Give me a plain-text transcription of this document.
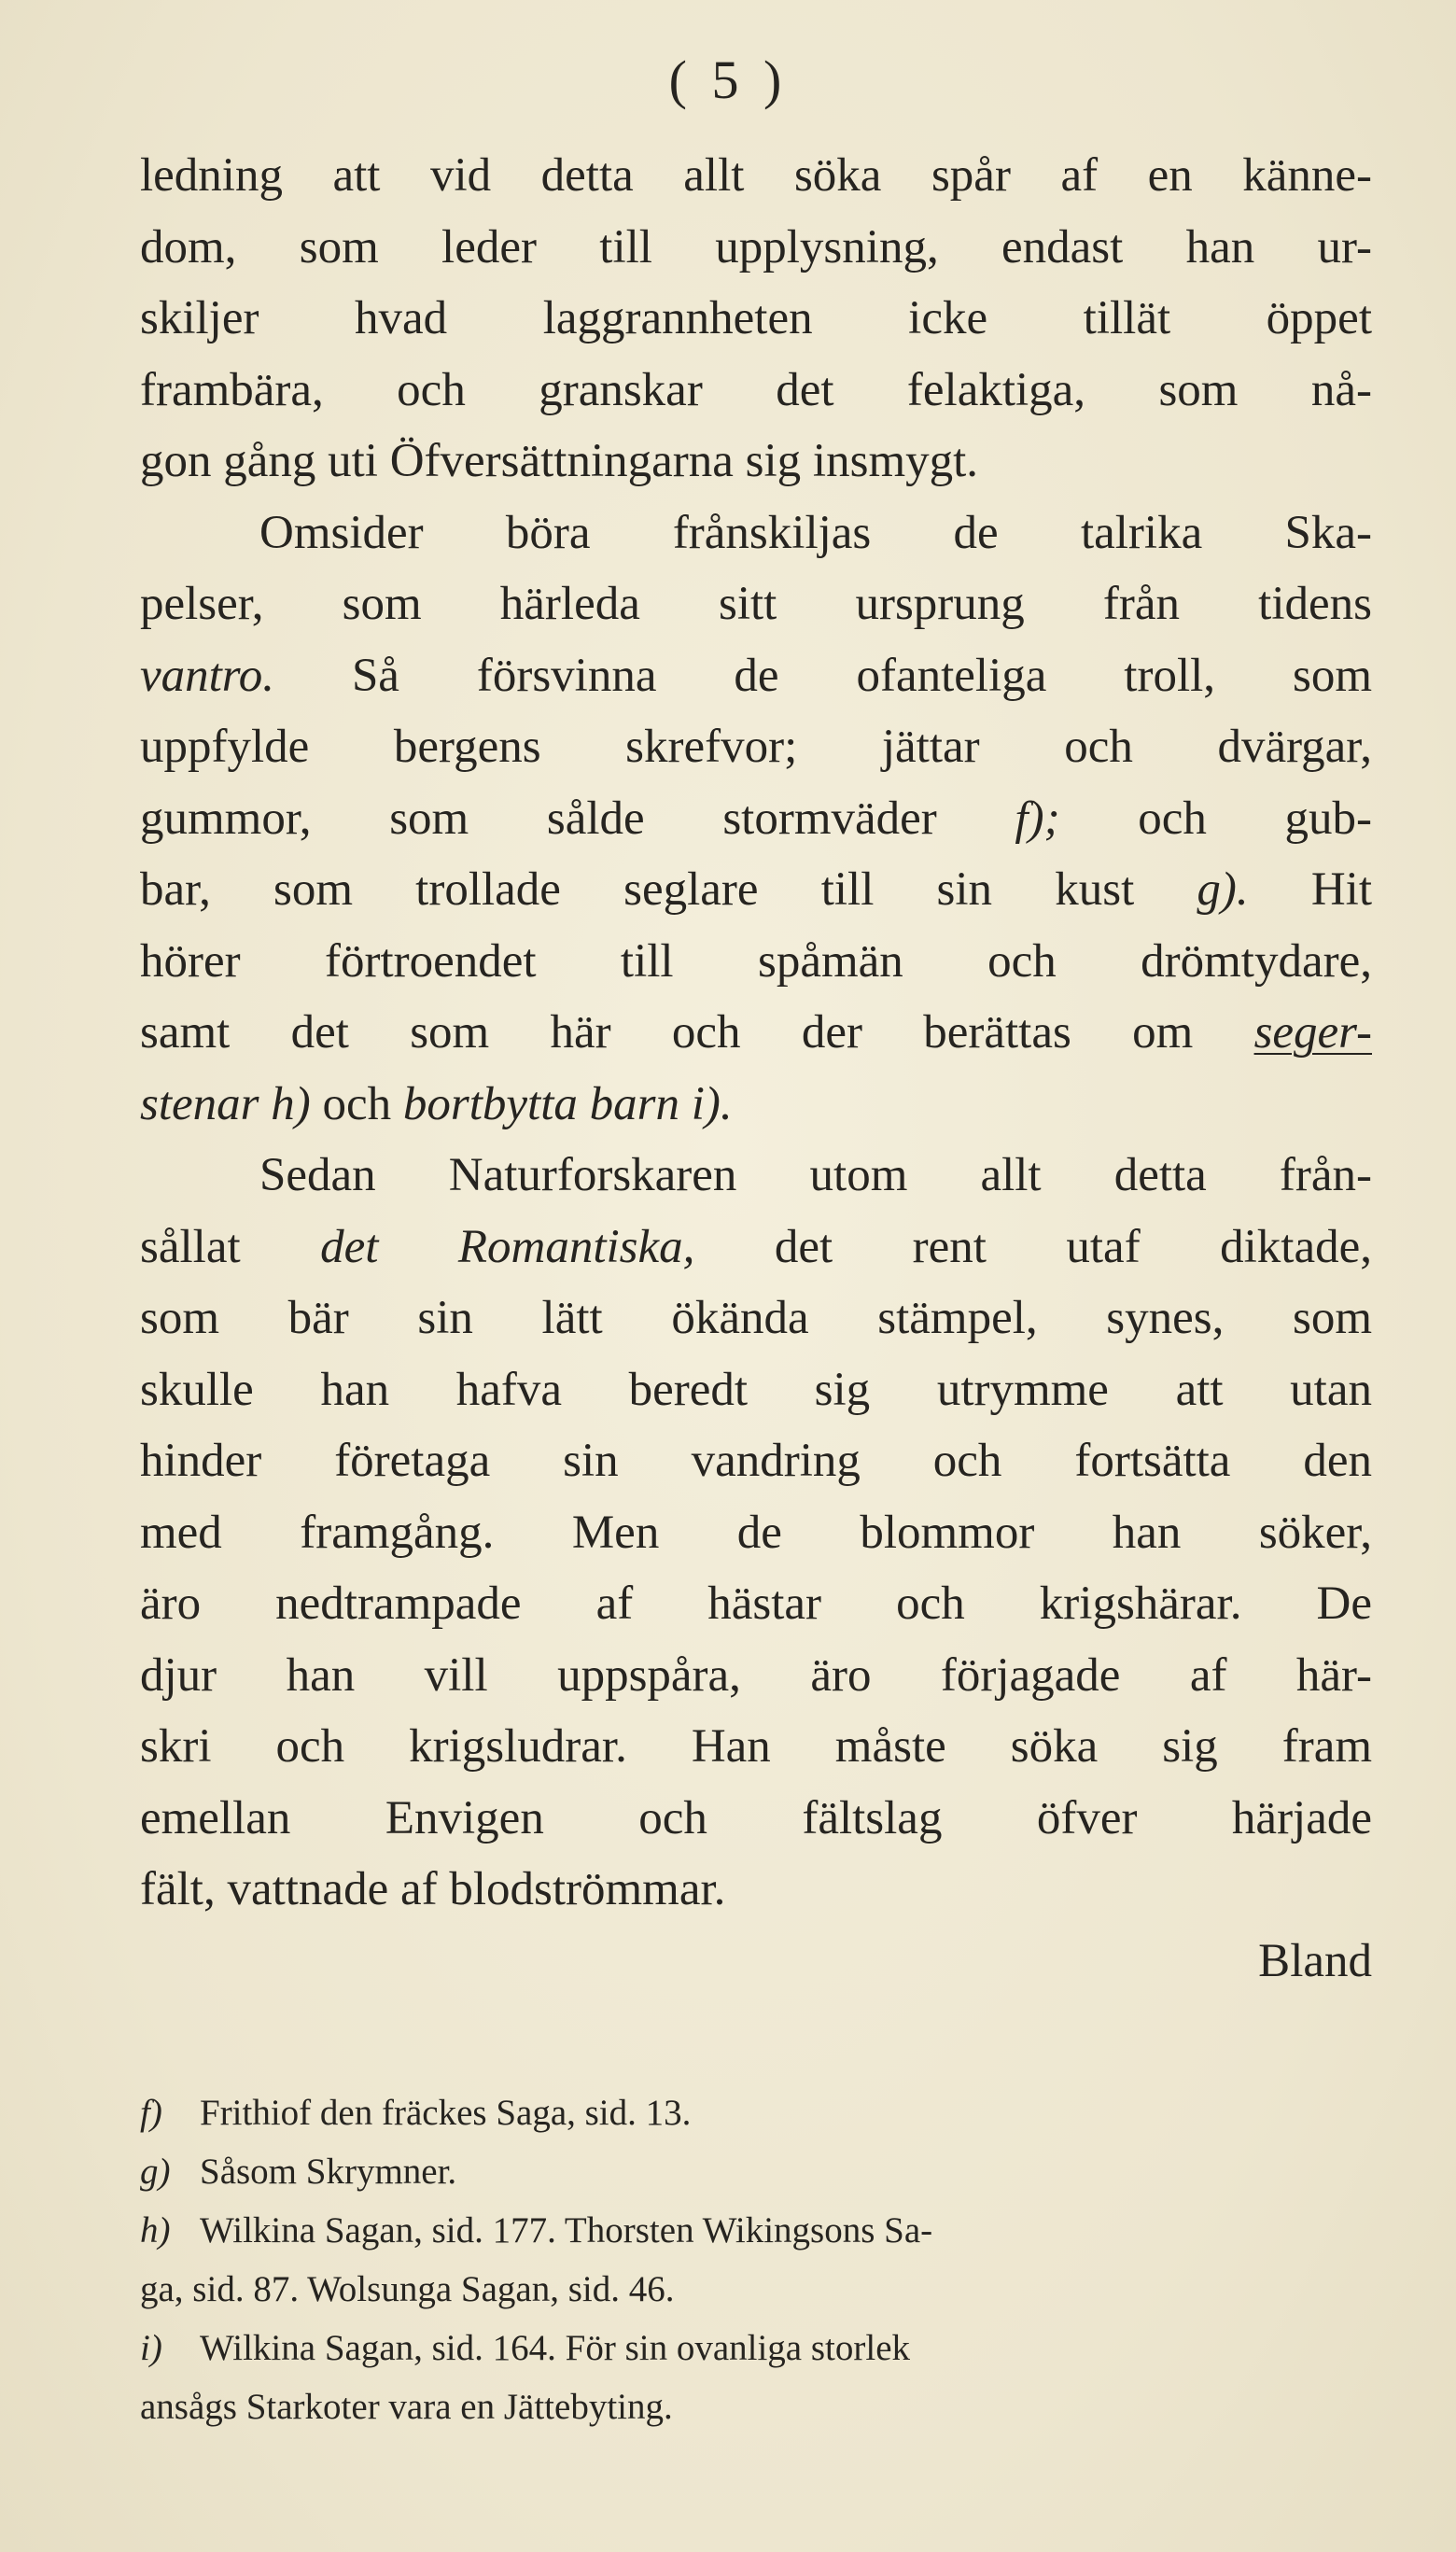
( 5 )
ledning att vid detta allt söka spår af en känne-
dom, som leder till upplysning, endast han ur-
skiljer hvad laggrannheten icke tillät öppet
frambära, och granskar det felaktiga, som nå-
gon gång uti Öfversättningarna sig insmygt.
Omsider böra frånskiljas de talrika Ska-
pelser, som härleda sitt ursprung från tidens
vantro. Så försvinna de ofanteliga troll, som
uppfylde bergens skrefvor; jättar och dvärgar,
gummor, som sålde stormväder f); och gub-
bar, som trollade seglare till sin kust g). Hit
hörer förtroendet till spåmän och drömtydare,
samt det som här och der berättas om seger-
stenar h) och bortbytta barn i).
Sedan Naturforskaren utom allt detta från-
sållat det Romantiska, det rent utaf diktade,
som bär sin lätt ökända stämpel, synes, som
skulle han hafva beredt sig utrymme att utan
hinder företaga sin vandring och fortsätta den
med framgång. Men de blommor han söker,
äro nedtrampade af hästar och krigshärar. De
djur han vill uppspåra, äro förjagade af här-
skri och krigsludrar. Han måste söka sig fram
emellan Envigen och fältslag öfver härjade
fält, vattnade af blodströmmar.
Bland
f) Frithiof den fräckes Saga, sid. 13.
g) Såsom Skrymner.
h) Wilkina Sagan, sid. 177. Thorsten Wikingsons Sa-
ga, sid. 87. Wolsunga Sagan, sid. 46.
i) Wilkina Sagan, sid. 164. För sin ovanliga storlek
ansågs Starkoter vara en Jättebyting.
